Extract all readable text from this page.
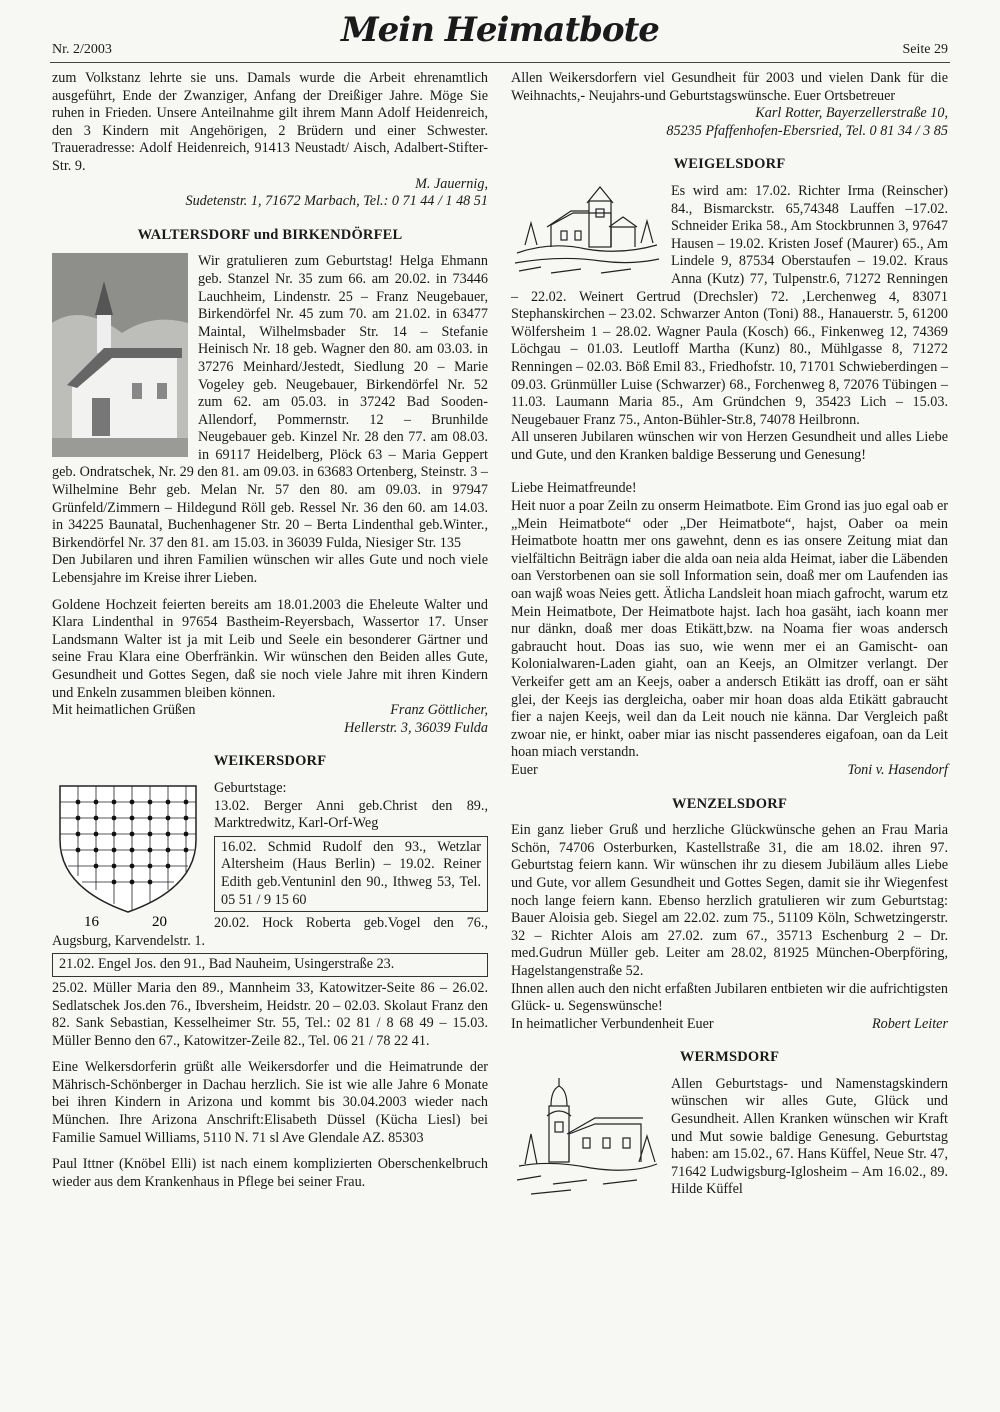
Nr. 2/2003	Mein Heimatbote	Seite 29

zum Volkstanz lehrte sie uns. Damals wurde die Arbeit ehrenamtlich ausgeführt, Ende der Zwanziger, Anfang der Dreißiger Jahre. Möge Sie ruhen in Frieden. Unsere Anteilnahme gilt ihrem Mann Adolf Heidenreich, den 3 Kindern mit Angehörigen, 2 Brüdern und einer Schwester. Traueradresse: Adolf Heidenreich, 91413 Neustadt/ Aisch, Adalbert-Stifter-Str. 9.

M. Jauernig,
Sudetenstr. 1, 71672 Marbach, Tel.: 0 71 44 / 1 48 51
WALTERSDORF und BIRKENDÖRFEL

Wir gratulieren zum Geburtstag! Helga Ehmann geb. Stanzel Nr. 35 zum 66. am 20.02. in 73446 Lauchheim, Lindenstr. 25 – Franz Neugebauer, Birkendörfel Nr. 45 zum 70. am 21.02. in 63477 Maintal, Wilhelmsbader Str. 14 – Stefanie Heinisch Nr. 18 geb. Wagner den 80. am 03.03. in 37276 Meinhard/Jestedt, Siedlung 20 – Marie Vogeley geb. Neugebauer, Birkendörfel Nr. 52 zum 62. am 05.03. in 37242 Bad Sooden-Allendorf, Pommernstr. 12 – Brunhilde Neugebauer geb. Kinzel Nr. 28 den 77. am 08.03. in 69117 Heidelberg, Plöck 63 – Maria Geppert geb. Ondratschek, Nr. 29 den 81. am 09.03. in 63683 Ortenberg, Steinstr. 3 – Wilhelmine Behr geb. Melan Nr. 57 den 80. am 09.03. in 97947 Grünfeld/Zimmern – Hildegund Röll geb. Ressel Nr. 36 den 60. am 14.03. in 34225 Baunatal, Buchenhagener Str. 20 – Berta Lindenthal geb.Winter., Birkendörfel Nr. 37 den 81. am 15.03. in 36039 Fulda, Niesiger Str. 135

Den Jubilaren und ihren Familien wünschen wir alles Gute und noch viele Lebensjahre im Kreise ihrer Lieben.

Goldene Hochzeit feierten bereits am 18.01.2003 die Eheleute Walter und Klara Lindenthal in 97654 Bastheim-Reyersbach, Wassertor 17. Unser Landsmann Walter ist ja mit Leib und Seele ein besonderer Gärtner und seine Frau Klara eine Oberfränkin. Wir wünschen den Beiden alles Gute, Gesundheit und Gottes Segen, daß sie noch viele Jahre mit ihren Kindern und Enkeln zusammen bleiben können.

Mit heimatlichen Grüßen	Franz Göttlicher,
Hellerstr. 3, 36039 Fulda
WEIKERSDORF
16	20

Geburtstage:

13.02. Berger Anni geb.Christ den 89., Marktredwitz, Karl-Orf-Weg

16.02. Schmid Rudolf den 93., Wetzlar Altersheim (Haus Berlin) – 19.02. Reiner Edith geb.Ventuninl den 90., Ithweg 53, Tel. 05 51 / 9 15 60

20.02. Hock Roberta geb.Vogel den 76., Augsburg, Karvendelstr. 1.

21.02. Engel Jos. den 91., Bad Nauheim, Usingerstraße 23.

25.02. Müller Maria den 89., Mannheim 33, Katowitzer-Seite 86 – 26.02. Sedlatschek Jos.den 76., Ibversheim, Heidstr. 20 – 02.03. Skolaut Franz den 82. Sank Sebastian, Kesselheimer Str. 55, Tel.: 02 81 / 8 68 49 – 15.03. Müller Benno den 67., Katowitzer-Zeile 82., Tel. 06 21 / 78 22 41.

Eine Welkersdorferin grüßt alle Weikersdorfer und die Heimatrunde der Mährisch-Schönberger in Dachau herzlich. Sie ist wie alle Jahre 6 Monate bei ihren Kindern in Arizona und kommt bis 30.04.2003 wieder nach München. Ihre Arizona Anschrift:Elisabeth Düssel (Kücha Liesl) bei Familie Samuel Williams, 5110 N. 71 sl Ave Glendale AZ. 85303

Paul Ittner (Knöbel Elli) ist nach einem komplizierten Oberschenkelbruch wieder aus dem Krankenhaus in Pflege bei seiner Frau.

Allen Weikersdorfern viel Gesundheit für 2003 und vielen Dank für die Weihnachts,- Neujahrs-und Geburtstagswünsche. Euer Ortsbetreuer

Karl Rotter, Bayerzellerstraße 10,
85235 Pfaffenhofen-Ebersried, Tel. 0 81 34 / 3 85
WEIGELSDORF

Es wird am: 17.02. Richter Irma (Reinscher) 84., Bismarckstr. 65,74348 Lauffen –17.02. Schneider Erika 58., Am Stockbrunnen 3, 97647 Hausen – 19.02. Kristen Josef (Maurer) 65., Am Lindele 9, 87534 Oberstaufen – 19.02. Kraus Anna (Kutz) 77, Tulpenstr.6, 71272 Renningen – 22.02. Weinert Gertrud (Drechsler) 72. ‚Lerchenweg 4, 83071 Stephanskirchen – 23.02. Schwarzer Anton (Toni) 88., Hanauerstr. 5, 61200 Wölfersheim 1 – 28.02. Wagner Paula (Kosch) 66., Finkenweg 12, 74369 Löchgau – 01.03. Leutloff Martha (Kunz) 80., Mühlgasse 8, 71272 Renningen – 02.03. Böß Emil 83., Friedhofstr. 10, 71701 Schwieberdingen – 09.03. Grünmüller Luise (Schwarzer) 68., Forchenweg 8, 72076 Tübingen – 11.03. Laumann Maria 85., Am Gründchen 9, 35423 Lich – 15.03. Neugebauer Franz 75., Anton-Bühler-Str.8, 74078 Heilbronn.

All unseren Jubilaren wünschen wir von Herzen Gesundheit und alles Liebe und Gute, und den Kranken baldige Besserung und Genesung!

Liebe Heimatfreunde!

Heit nuor a poar Zeiln zu onserm Heimatbote. Eim Grond ias juo egal oab er „Mein Heimatbote“ oder „Der Heimatbote“, hajst, Oaber oa mein Heimatbote hoattn mer ons gawehnt, denn es ias onsere Zeitung miat dan vielfältichn Beiträgn iaber die alda oan neia alda Heimat, iaber die Läbenden oan Verstorbenen oan sie soll Information sein, doaß mer om Laufenden ias oan wajß woas Neies gett. Ätlicha Landsleit hoan miach gafrocht, warum etz Mein Heimatbote, Der Heimatbote hajst. Iach hoa gasäht, iach koann mer nur dänkn, doaß mer doas Etikätt,bzw. na Noama fier woas andersch gabraucht hout. Doas ias suo, wie wenn mer ei an Gamischt- oan Kolonialwaren-Laden giaht, oan an Keejs, an Olmitzer verlangt. Der Verkeifer gett am an Keejs, oaber a andersch Etikätt ias droff, oan er säht glei, der Keejs ias dergleicha, oaber mir hoan doas alda Etikätt gabraucht fier a najen Keejs, weil dan da Leit nouch nie känna. Dar Vergleich paßt zwoar nie, er hinkt, oaber miar ias nischt passenderes eigafoan, oan da Leit hoan miach verstandn.

Euer	Toni v. Hasendorf
WENZELSDORF

Ein ganz lieber Gruß und herzliche Glückwünsche gehen an Frau Maria Schön, 74706 Osterburken, Kastellstraße 31, die am 18.02. ihren 97. Geburtstag feiern kann. Wir wünschen ihr zu diesem Jubiläum alles Liebe und Gute, vor allem Gesundheit und Gottes Segen, damit sie ihr Wiegenfest noch lange feiern kann. Ebenso herzlich gratulieren wir zum Geburtstag: Bauer Aloisia geb. Siegel am 22.02. zum 75., 51109 Köln, Schwetzingerstr. 32 – Richter Alois am 27.02. zum 67., 35713 Eschenburg 2 – Dr. med.Gudrun Müller geb. Leiter am 28.02, 81925 München-Oberpföring, Hagelstangenstraße 52.

Ihnen allen auch den nicht erfaßten Jubilaren entbieten wir die aufrichtigsten Glück- u. Segenswünsche!

In heimatlicher Verbundenheit Euer	Robert Leiter
WERMSDORF

Allen Geburtstags- und Namenstagskindern wünschen wir alles Gute, Glück und Gesundheit. Allen Kranken wünschen wir Kraft und Mut sowie baldige Genesung. Geburtstag haben: am 15.02., 67. Hans Küffel, Neue Str. 47, 71642 Ludwigsburg-Iglosheim – Am 16.02., 89. Hilde Küffel
